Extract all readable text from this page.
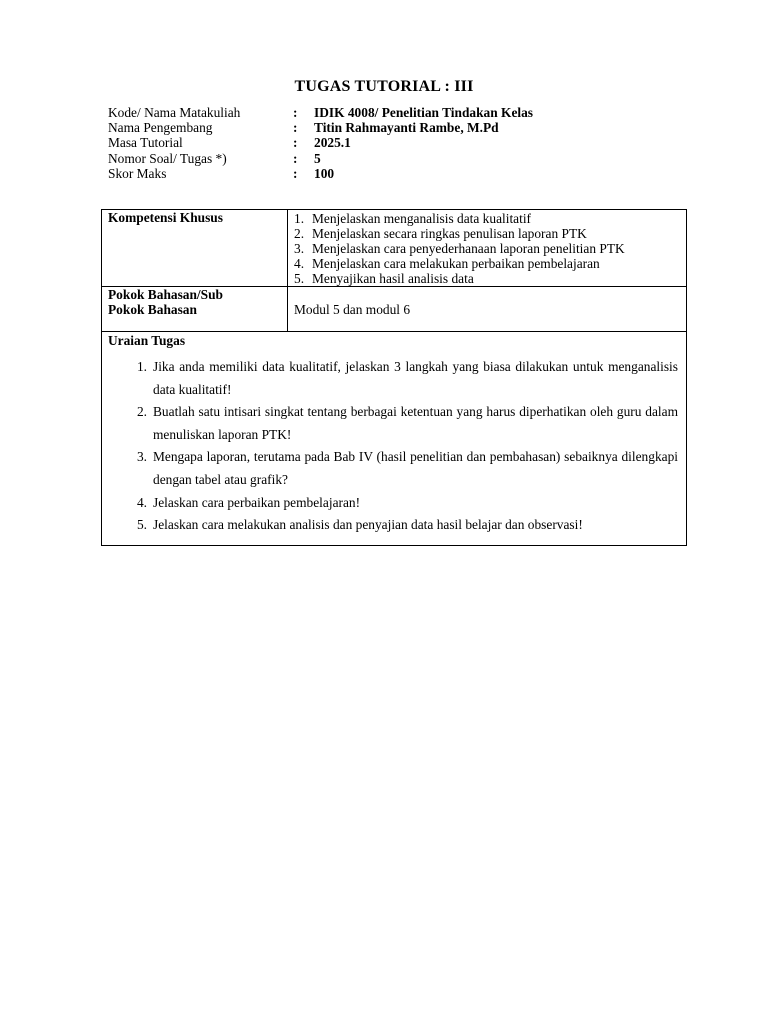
TUGAS TUTORIAL : III
Kode/ Nama Matakuliah	:	IDIK 4008/ Penelitian Tindakan Kelas
Nama Pengembang	:	Titin Rahmayanti Rambe, M.Pd
Masa Tutorial	:	2025.1
Nomor Soal/ Tugas *)	:	5
Skor Maks	:	100
Kompetensi Khusus	1. Menjelaskan menganalisis data kualitatif
2. Menjelaskan secara ringkas penulisan laporan PTK
3. Menjelaskan cara penyederhanaan laporan penelitian PTK
4. Menjelaskan cara melakukan perbaikan pembelajaran
5. Menyajikan hasil analisis data
Pokok Bahasan/Sub
Pokok Bahasan	Modul 5 dan modul 6
Uraian Tugas
1. Jika anda memiliki data kualitatif, jelaskan 3 langkah yang biasa dilakukan untuk menganalisis data kualitatif!
2. Buatlah satu intisari singkat tentang berbagai ketentuan yang harus diperhatikan oleh guru dalam menuliskan laporan PTK!
3. Mengapa laporan, terutama pada Bab IV (hasil penelitian dan pembahasan) sebaiknya dilengkapi dengan tabel atau grafik?
4. Jelaskan cara perbaikan pembelajaran!
5. Jelaskan cara melakukan analisis dan penyajian data hasil belajar dan observasi!
